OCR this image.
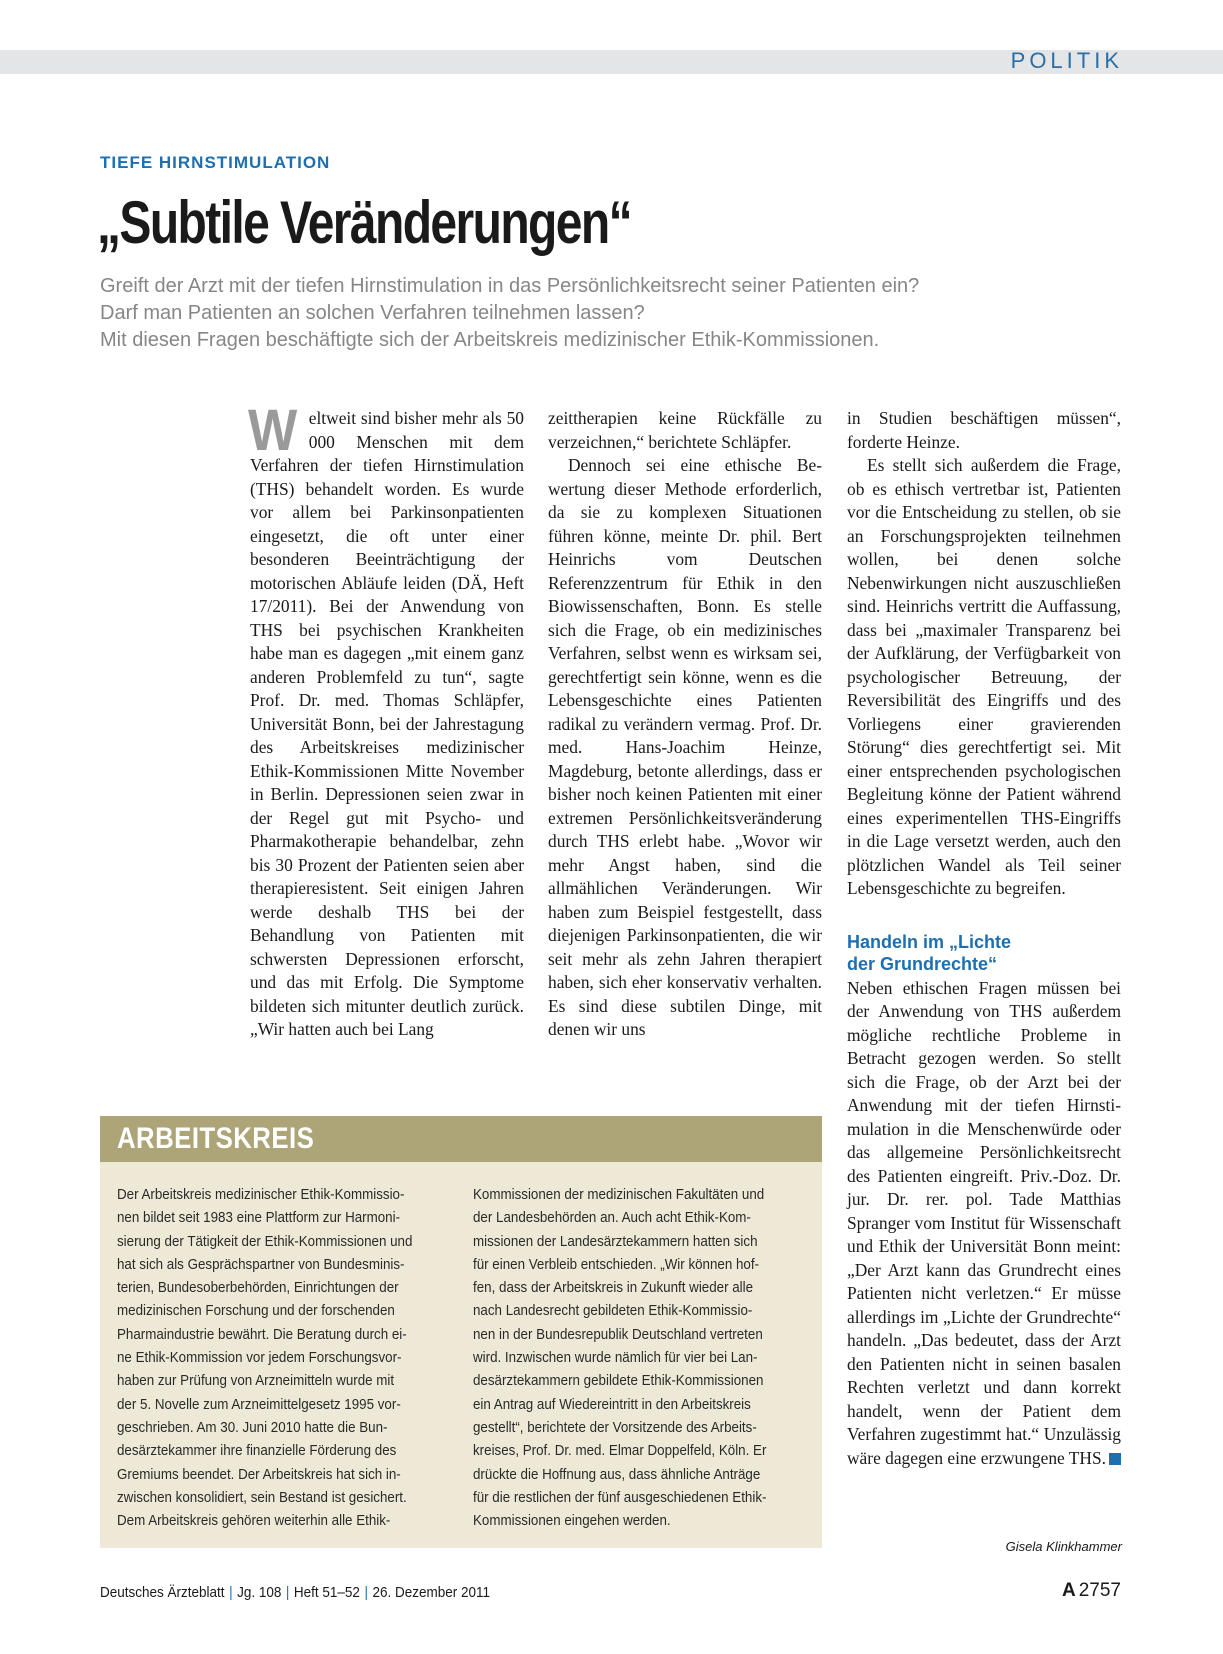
POLITIK
TIEFE HIRNSTIMULATION
„Subtile Veränderungen“
Greift der Arzt mit der tiefen Hirnstimulation in das Persönlichkeitsrecht seiner Patienten ein?
Darf man Patienten an solchen Verfahren teilnehmen lassen?
Mit diesen Fragen beschäftigte sich der Arbeitskreis medizinischer Ethik-Kommissionen.

Weltweit sind bisher mehr als 50 000 Menschen mit dem Verfahren der tiefen Hirnstimulation (THS) behandelt worden. Es wurde vor allem bei Parkinsonpatienten eingesetzt, die oft unter einer besonderen Beeinträchtigung der motorischen Abläufe leiden (DÄ, Heft 17/2011). Bei der Anwendung von THS bei psychischen Krankheiten habe man es dagegen „mit einem ganz anderen Problemfeld zu tun“, sagte Prof. Dr. med. Thomas Schläpfer, Universität Bonn, bei der Jahrestagung des Arbeitskreises medizinischer Ethik-Kommissionen Mitte November in Berlin. Depressionen seien zwar in der Regel gut mit Psycho- und Pharmakotherapie behandelbar, zehn bis 30 Prozent der Patienten seien aber therapieresistent. Seit einigen Jahren werde deshalb THS bei der Behandlung von Patienten mit schwersten Depressionen erforscht, und das mit Erfolg. Die Symptome bildeten sich mitunter deutlich zurück. „Wir hatten auch bei Lang

zeittherapien keine Rückfälle zu verzeichnen,“ berichtete Schläpfer.

Dennoch sei eine ethische Bewertung dieser Methode erforderlich, da sie zu komplexen Situationen führen könne, meinte Dr. phil. Bert Heinrichs vom Deutschen Referenzzentrum für Ethik in den Biowissenschaften, Bonn. Es stelle sich die Frage, ob ein medizinisches Verfahren, selbst wenn es wirksam sei, gerechtfertigt sein könne, wenn es die Lebensgeschichte eines Patienten radikal zu verändern vermag. Prof. Dr. med. Hans-Joachim Heinze, Magdeburg, betonte allerdings, dass er bisher noch keinen Patienten mit einer extremen Persönlichkeitsveränderung durch THS erlebt habe. „Wovor wir mehr Angst haben, sind die allmählichen Veränderungen. Wir haben zum Beispiel festgestellt, dass diejenigen Parkinsonpatienten, die wir seit mehr als zehn Jahren therapiert haben, sich eher konservativ verhalten. Es sind diese subtilen Dinge, mit denen wir uns

in Studien beschäftigen müssen“, forderte Heinze.

Es stellt sich außerdem die Frage, ob es ethisch vertretbar ist, Patienten vor die Entscheidung zu stellen, ob sie an Forschungsprojekten teilnehmen wollen, bei denen solche Nebenwirkungen nicht auszuschließen sind. Heinrichs vertritt die Auffassung, dass bei „maximaler Transparenz bei der Aufklärung, der Verfügbarkeit von psychologischer Betreuung, der Reversibilität des Eingriffs und des Vorliegens einer gravierenden Störung“ dies gerechtfertigt sei. Mit einer entsprechenden psychologischen Begleitung könne der Patient während eines experimentellen THS-Eingriffs in die Lage versetzt werden, auch den plötzlichen Wandel als Teil seiner Lebensgeschichte zu begreifen.

Handeln im „Lichte
der Grundrechte“

Neben ethischen Fragen müssen bei der Anwendung von THS außerdem mögliche rechtliche Probleme in Betracht gezogen werden. So stellt sich die Frage, ob der Arzt bei der Anwendung mit der tiefen Hirnstimulation in die Menschenwürde oder das allgemeine Persönlichkeitsrecht des Patienten eingreift. Priv.-Doz. Dr. jur. Dr. rer. pol. Tade Matthias Spranger vom Institut für Wissenschaft und Ethik der Universität Bonn meint: „Der Arzt kann das Grundrecht eines Patienten nicht verletzen.“ Er müsse allerdings im „Lichte der Grundrechte“ handeln. „Das bedeutet, dass der Arzt den Patienten nicht in seinen basalen Rechten verletzt und dann korrekt handelt, wenn der Patient dem Verfahren zugestimmt hat.“ Unzulässig wäre dagegen eine erzwungene THS.

Gisela Klinkhammer
ARBEITSKREIS
Der Arbeitskreis medizinischer Ethik-Kommissio-
nen bildet seit 1983 eine Plattform zur Harmoni-
sierung der Tätigkeit der Ethik-Kommissionen und
hat sich als Gesprächspartner von Bundesminis-
terien, Bundesoberbehörden, Einrichtungen der
medizinischen Forschung und der forschenden
Pharmaindustrie bewährt. Die Beratung durch ei-
ne Ethik-Kommission vor jedem Forschungsvor-
haben zur Prüfung von Arzneimitteln wurde mit
der 5. Novelle zum Arzneimittelgesetz 1995 vor-
geschrieben. Am 30. Juni 2010 hatte die Bun-
desärztekammer ihre finanzielle Förderung des
Gremiums beendet. Der Arbeitskreis hat sich in-
zwischen konsolidiert, sein Bestand ist gesichert.
Dem Arbeitskreis gehören weiterhin alle Ethik-
Kommissionen der medizinischen Fakultäten und
der Landesbehörden an. Auch acht Ethik-Kom-
missionen der Landesärztekammern hatten sich
für einen Verbleib entschieden. „Wir können hof-
fen, dass der Arbeitskreis in Zukunft wieder alle
nach Landesrecht gebildeten Ethik-Kommissio-
nen in der Bundesrepublik Deutschland vertreten
wird. Inzwischen wurde nämlich für vier bei Lan-
desärztekammern gebildete Ethik-Kommissionen
ein Antrag auf Wiedereintritt in den Arbeitskreis
gestellt“, berichtete der Vorsitzende des Arbeits-
kreises, Prof. Dr. med. Elmar Doppelfeld, Köln. Er
drückte die Hoffnung aus, dass ähnliche Anträge
für die restlichen der fünf ausgeschiedenen Ethik-
Kommissionen eingehen werden.
Deutsches Ärzteblatt | Jg. 108 | Heft 51–52 | 26. Dezember 2011	A 2757
